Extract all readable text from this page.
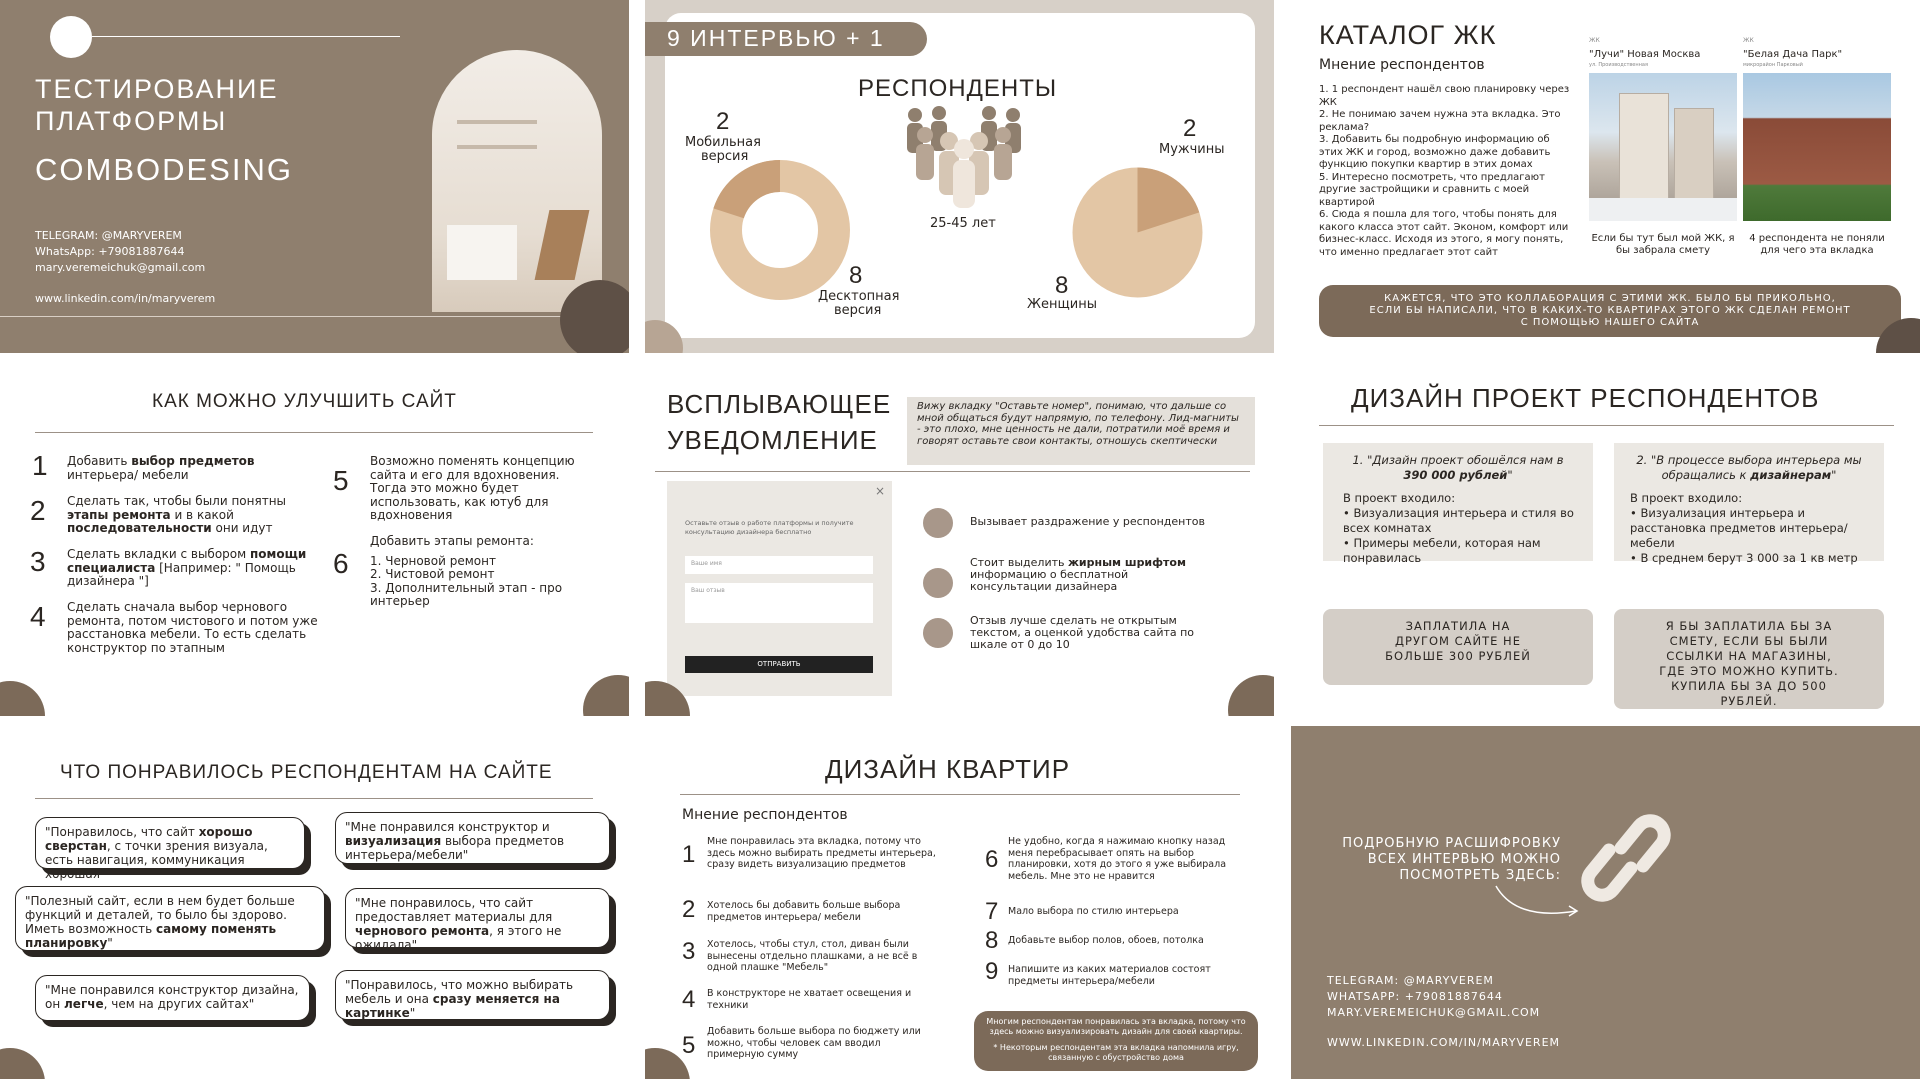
ТЕСТИРОВАНИЕ
ПЛАТФОРМЫ
COMBODESING
TELEGRAM: @MARYVEREM
WhatsApp: +79081887644
mary.veremeichuk@gmail.com
www.linkedin.com/in/maryverem
9 ИНТЕРВЬЮ + 1
РЕСПОНДЕНТЫ
2
Мобильная
версия
8
Десктопная
версия
25-45 лет
2
Мужчины
8
Женщины
КАТАЛОГ ЖК
Мнение респондентов
1. 1 респондент нашёл свою планировку через ЖК
2. Не понимаю зачем нужна эта вкладка. Это реклама?
3. Добавить бы подробную информацию об этих ЖК и город, возможно даже добавить функцию покупки квартир в этих домах
5. Интересно посмотреть, что предлагают другие застройщики и сравнить с моей квартирой
6. Сюда я пошла для того, чтобы понять для какого класса этот сайт. Эконом, комфорт или бизнес-класс. Исходя из этого, я могу понять, что именно предлагает этот сайт
ЖК
"Лучи" Новая Москва
ул. Производственная
ЖК
"Белая Дача Парк"
микрорайон Парковый
Если бы тут был мой ЖК, я бы забрала смету
4 респондента не поняли для чего эта вкладка
КАЖЕТСЯ, ЧТО ЭТО КОЛЛАБОРАЦИЯ С ЭТИМИ ЖК. БЫЛО БЫ ПРИКОЛЬНО, ЕСЛИ БЫ НАПИСАЛИ, ЧТО В КАКИХ-ТО КВАРТИРАХ ЭТОГО ЖК СДЕЛАН РЕМОНТ С ПОМОЩЬЮ НАШЕГО САЙТА
КАК МОЖНО УЛУЧШИТЬ САЙТ
1 Добавить выбор предметов интерьера/ мебели
2 Сделать так, чтобы были понятны этапы ремонта и в какой последовательности они идут
3 Сделать вкладки с выбором помощи специалиста [Например: " Помощь дизайнера "]
4 Сделать сначала выбор чернового ремонта, потом чистового и потом уже расстановка мебели. То есть сделать конструктор по этапным
5
Возможно поменять концепцию сайта и его для вдохновения. Тогда это можно будет использовать, как ютуб для вдохновения
6
Добавить этапы ремонта:
1. Черновой ремонт
2. Чистовой ремонт
3. Дополнительный этап - про интерьер
ВСПЛЫВАЮЩЕЕ
УВЕДОМЛЕНИЕ
Вижу вкладку "Оставьте номер", понимаю, что дальше со мной общаться будут напрямую, по телефону. Лид-магниты - это плохо, мне ценность не дали, потратили моё время и говорят оставьте свои контакты, отношусь скептически
×
Оставьте отзыв о работе платформы и получите консультацию дизайнера бесплатно
Ваше имя
Ваш отзыв
ОТПРАВИТЬ
Вызывает раздражение у респондентов
Стоит выделить жирным шрифтом информацию о бесплатной консультации дизайнера
Отзыв лучше сделать не открытым текстом, а оценкой удобства сайта по шкале от 0 до 10
ДИЗАЙН ПРОЕКТ РЕСПОНДЕНТОВ
1. "Дизайн проект обошёлся нам в 390 000 рублей"
В проект входило:
• Визуализация интерьера и стиля во всех комнатах
• Примеры мебели, которая нам понравилась
2. "В процессе выбора интерьера мы обращались к дизайнерам"
В проект входило:
• Визуализация интерьера и расстановка предметов интерьера/ мебели
• В среднем берут 3 000 за 1 кв метр
ЗАПЛАТИЛА НА ДРУГОМ САЙТЕ НЕ БОЛЬШЕ 300 РУБЛЕЙ
Я БЫ ЗАПЛАТИЛА БЫ ЗА СМЕТУ, ЕСЛИ БЫ БЫЛИ ССЫЛКИ НА МАГАЗИНЫ, ГДЕ ЭТО МОЖНО КУПИТЬ. КУПИЛА БЫ ЗА ДО 500 РУБЛЕЙ.
ЧТО ПОНРАВИЛОСЬ РЕСПОНДЕНТАМ НА САЙТЕ
"Понравилось, что сайт хорошо сверстан, с точки зрения визуала, есть навигация, коммуникация хорошая"
"Мне понравился конструктор и визуализация выбора предметов интерьера/мебели"
"Полезный сайт, если в нем будет больше функций и деталей, то было бы здорово. Иметь возможность самому поменять планировку"
"Мне понравилось, что сайт предоставляет материалы для чернового ремонта, я этого не ожидала"
"Мне понравился конструктор дизайна, он легче, чем на других сайтах"
"Понравилось, что можно выбирать мебель и она сразу меняется на картинке"
ДИЗАЙН КВАРТИР
Мнение респондентов
1 Мне понравилась эта вкладка, потому что здесь можно выбирать предметы интерьера, сразу видеть визуализацию предметов
2 Хотелось бы добавить больше выбора предметов интерьера/ мебели
3 Хотелось, чтобы стул, стол, диван были вынесены отдельно плашками, а не всё в одной плашке "Мебель"
4 В конструкторе не хватает освещения и техники
5
Добавить больше выбора по бюджету или можно, чтобы человек сам вводил примерную сумму
6
Не удобно, когда я нажимаю кнопку назад меня перебрасывает опять на выбор планировки, хотя до этого я уже выбирала мебель. Мне это не нравится
7 Мало выбора по стилю интерьера
8 Добавьте выбор полов, обоев, потолка
9 Напишите из каких материалов состоят предметы интерьера/мебели
Многим респондентам понравилась эта вкладка, потому что здесь можно визуализировать дизайн для своей квартиры.
* Некоторым респондентам эта вкладка напомнила игру, связанную с обустройство дома
ПОДРОБНУЮ РАСШИФРОВКУ ВСЕХ ИНТЕРВЬЮ МОЖНО ПОСМОТРЕТЬ ЗДЕСЬ:
TELEGRAM: @MARYVEREM
WHATSAPP: +79081887644
MARY.VEREMEICHUK@GMAIL.COM
WWW.LINKEDIN.COM/IN/MARYVEREM
